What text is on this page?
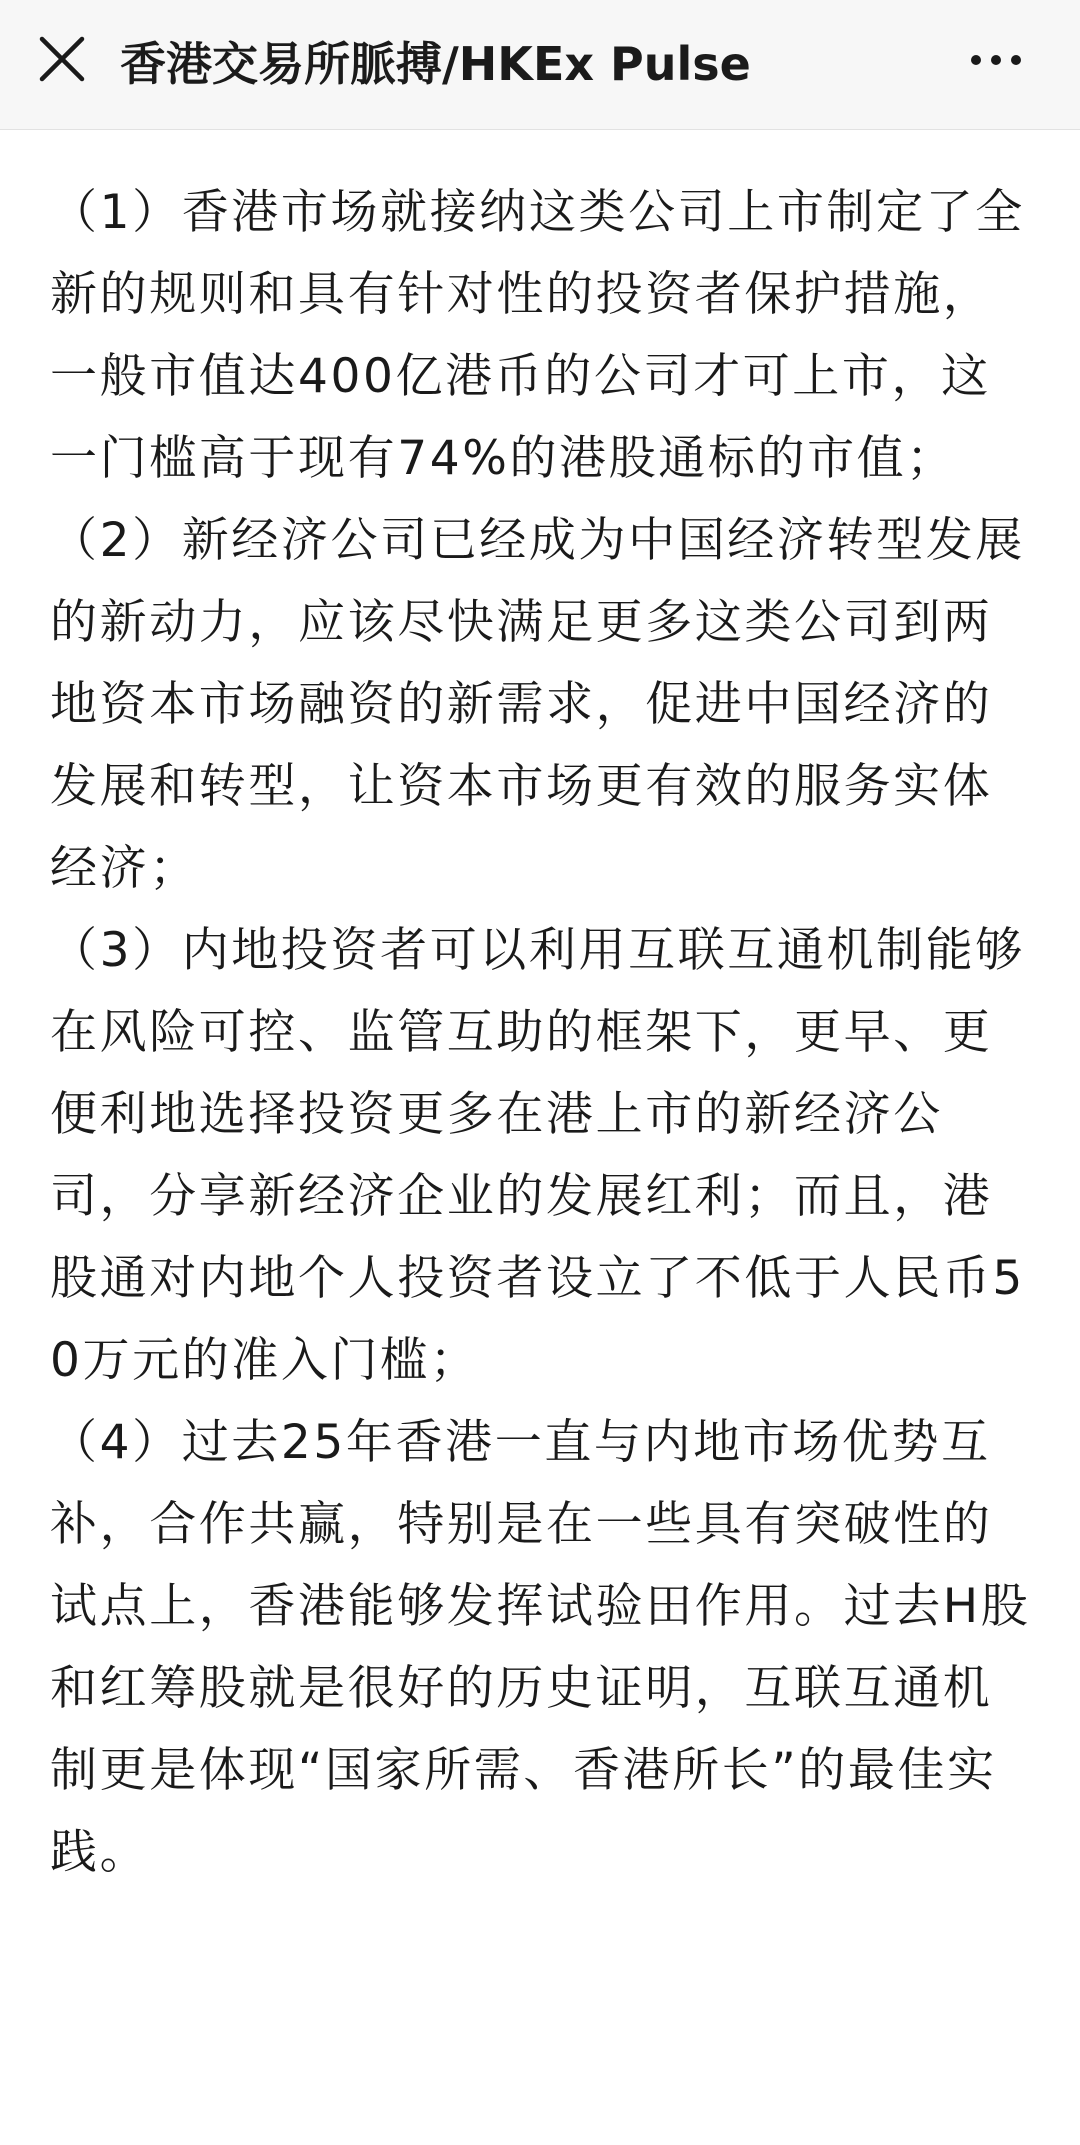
香港交易所脈搏/HKEx Pulse

（1）香港市场就接纳这类公司上市制定了全新的规则和具有针对性的投资者保护措施，一般市值达400亿港币的公司才可上市，这一门槛高于现有74%的港股通标的市值；

（2）新经济公司已经成为中国经济转型发展的新动力，应该尽快满足更多这类公司到两地资本市场融资的新需求，促进中国经济的发展和转型，让资本市场更有效的服务实体经济；

（3）内地投资者可以利用互联互通机制能够在风险可控、监管互助的框架下，更早、更便利地选择投资更多在港上市的新经济公司，分享新经济企业的发展红利；而且，港股通对内地个人投资者设立了不低于人民币50万元的准入门槛；

（4）过去25年香港一直与内地市场优势互补，合作共赢，特别是在一些具有突破性的试点上，香港能够发挥试验田作用。过去H股和红筹股就是很好的历史证明，互联互通机制更是体现“国家所需、香港所长”的最佳实践。
